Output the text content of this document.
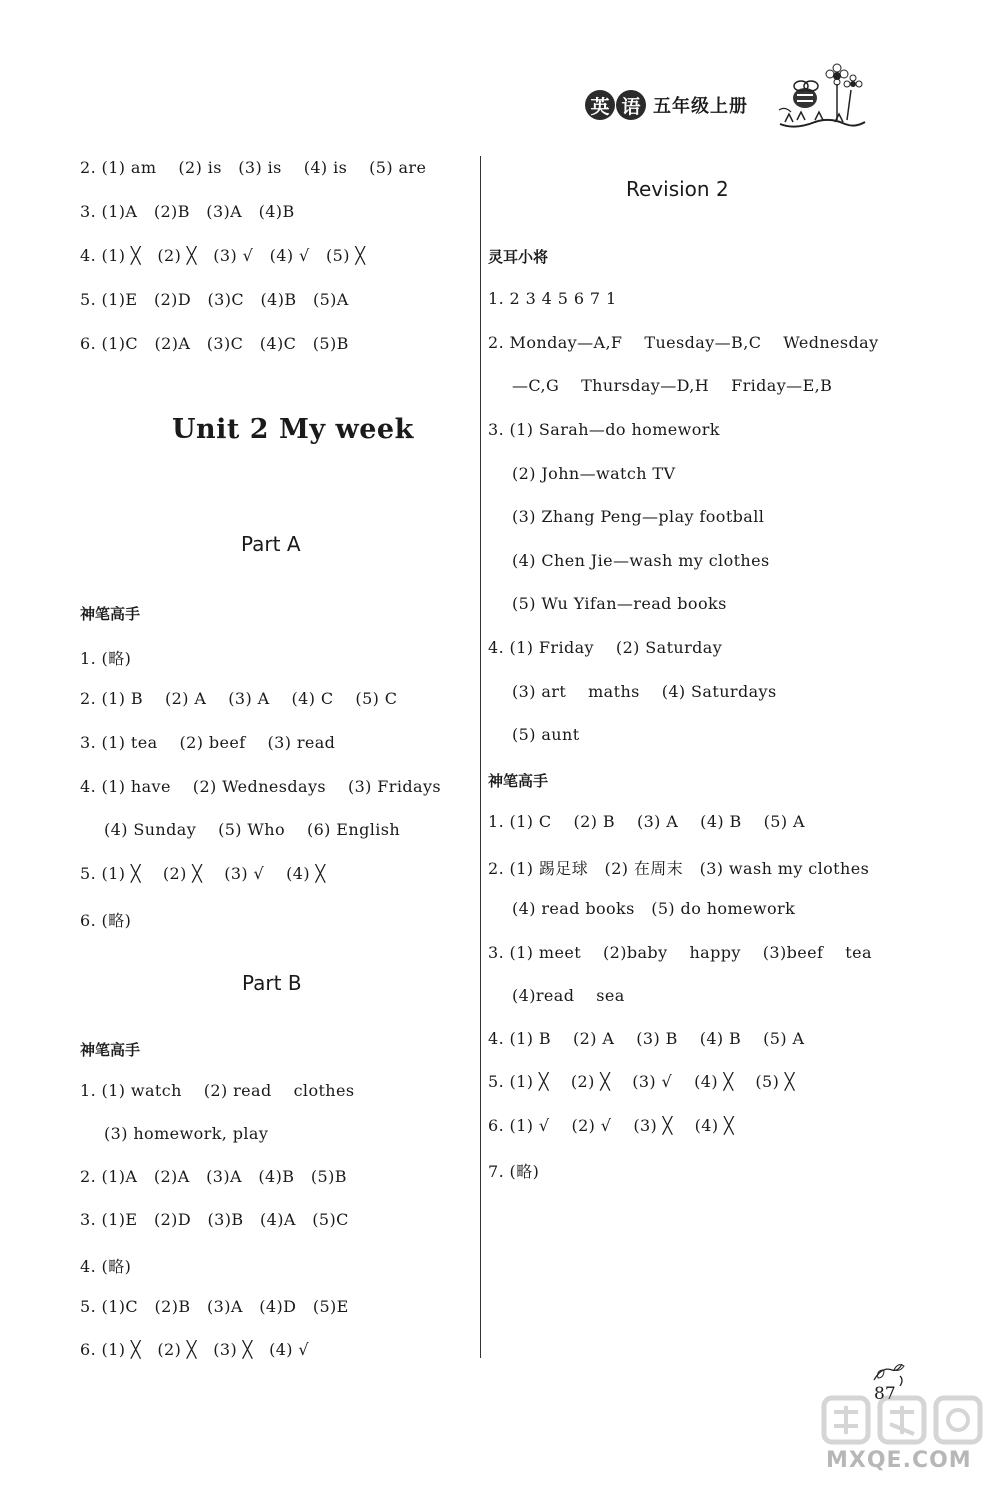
英 语 五年级上册
2. (1) am    (2) is   (3) is    (4) is    (5) are
3. (1)A   (2)B   (3)A   (4)B
4. (1) ╳   (2) ╳   (3) √   (4) √   (5) ╳
5. (1)E   (2)D   (3)C   (4)B   (5)A
6. (1)C   (2)A   (3)C   (4)C   (5)B
Unit 2 My week
Part A
神笔高手
1. (略)
2. (1) B    (2) A    (3) A    (4) C    (5) C
3. (1) tea    (2) beef    (3) read
4. (1) have    (2) Wednesdays    (3) Fridays
(4) Sunday    (5) Who    (6) English
5. (1) ╳    (2) ╳    (3) √    (4) ╳
6. (略)
Part B
神笔高手
1. (1) watch    (2) read    clothes
(3) homework, play
2. (1)A   (2)A   (3)A   (4)B   (5)B
3. (1)E   (2)D   (3)B   (4)A   (5)C
4. (略)
5. (1)C   (2)B   (3)A   (4)D   (5)E
6. (1) ╳   (2) ╳   (3) ╳   (4) √
Revision 2
灵耳小将
1. 2 3 4 5 6 7 1
2. Monday—A,F    Tuesday—B,C    Wednesday
—C,G    Thursday—D,H    Friday—E,B
3. (1) Sarah—do homework
(2) John—watch TV
(3) Zhang Peng—play football
(4) Chen Jie—wash my clothes
(5) Wu Yifan—read books
4. (1) Friday    (2) Saturday
(3) art    maths    (4) Saturdays
(5) aunt
神笔高手
1. (1) C    (2) B    (3) A    (4) B    (5) A
2. (1) 踢足球   (2) 在周末   (3) wash my clothes
(4) read books   (5) do homework
3. (1) meet    (2)baby    happy    (3)beef    tea
(4)read    sea
4. (1) B    (2) A    (3) B    (4) B    (5) A
5. (1) ╳    (2) ╳    (3) √    (4) ╳    (5) ╳
6. (1) √    (2) √    (3) ╳    (4) ╳
7. (略)
87
MXQE.COM
